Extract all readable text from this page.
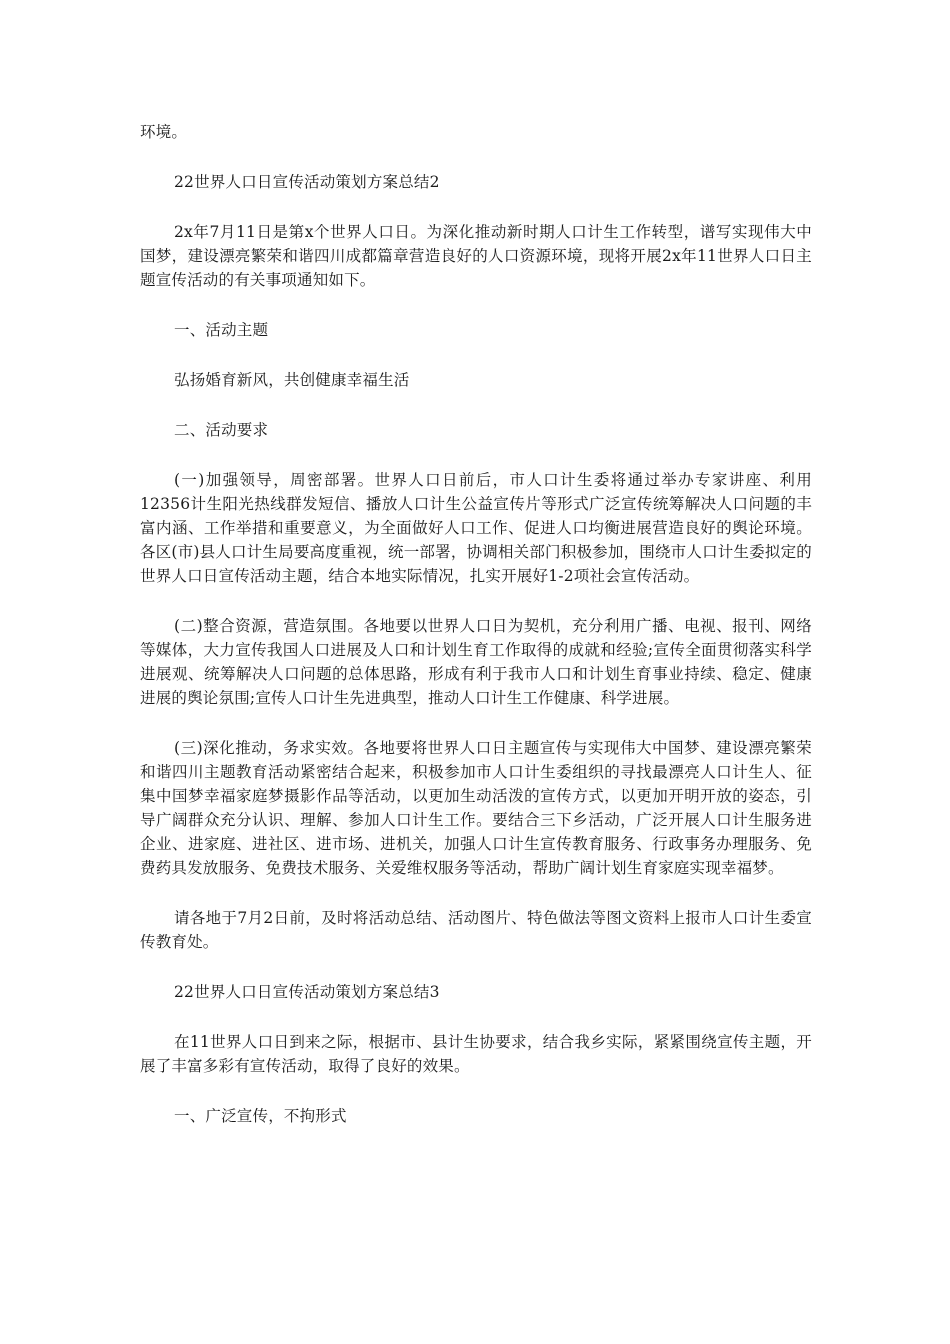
环境。

22世界人口日宣传活动策划方案总结2

2x年7月11日是第x个世界人口日。为深化推动新时期人口计生工作转型，谱写实现伟大中国梦，建设漂亮繁荣和谐四川成都篇章营造良好的人口资源环境，现将开展2x年11世界人口日主题宣传活动的有关事项通知如下。

一、活动主题

弘扬婚育新风，共创健康幸福生活

二、活动要求

(一)加强领导，周密部署。世界人口日前后，市人口计生委将通过举办专家讲座、利用12356计生阳光热线群发短信、播放人口计生公益宣传片等形式广泛宣传统筹解决人口问题的丰富内涵、工作举措和重要意义，为全面做好人口工作、促进人口均衡进展营造良好的舆论环境。各区(市)县人口计生局要高度重视，统一部署，协调相关部门积极参加，围绕市人口计生委拟定的世界人口日宣传活动主题，结合本地实际情况，扎实开展好1-2项社会宣传活动。

(二)整合资源，营造氛围。各地要以世界人口日为契机，充分利用广播、电视、报刊、网络等媒体，大力宣传我国人口进展及人口和计划生育工作取得的成就和经验;宣传全面贯彻落实科学进展观、统筹解决人口问题的总体思路，形成有利于我市人口和计划生育事业持续、稳定、健康进展的舆论氛围;宣传人口计生先进典型，推动人口计生工作健康、科学进展。

(三)深化推动，务求实效。各地要将世界人口日主题宣传与实现伟大中国梦、建设漂亮繁荣和谐四川主题教育活动紧密结合起来，积极参加市人口计生委组织的寻找最漂亮人口计生人、征集中国梦幸福家庭梦摄影作品等活动，以更加生动活泼的宣传方式，以更加开明开放的姿态，引导广阔群众充分认识、理解、参加人口计生工作。要结合三下乡活动，广泛开展人口计生服务进企业、进家庭、进社区、进市场、进机关，加强人口计生宣传教育服务、行政事务办理服务、免费药具发放服务、免费技术服务、关爱维权服务等活动，帮助广阔计划生育家庭实现幸福梦。

请各地于7月2日前，及时将活动总结、活动图片、特色做法等图文资料上报市人口计生委宣传教育处。

22世界人口日宣传活动策划方案总结3

在11世界人口日到来之际，根据市、县计生协要求，结合我乡实际，紧紧围绕宣传主题，开展了丰富多彩有宣传活动，取得了良好的效果。

一、广泛宣传，不拘形式
